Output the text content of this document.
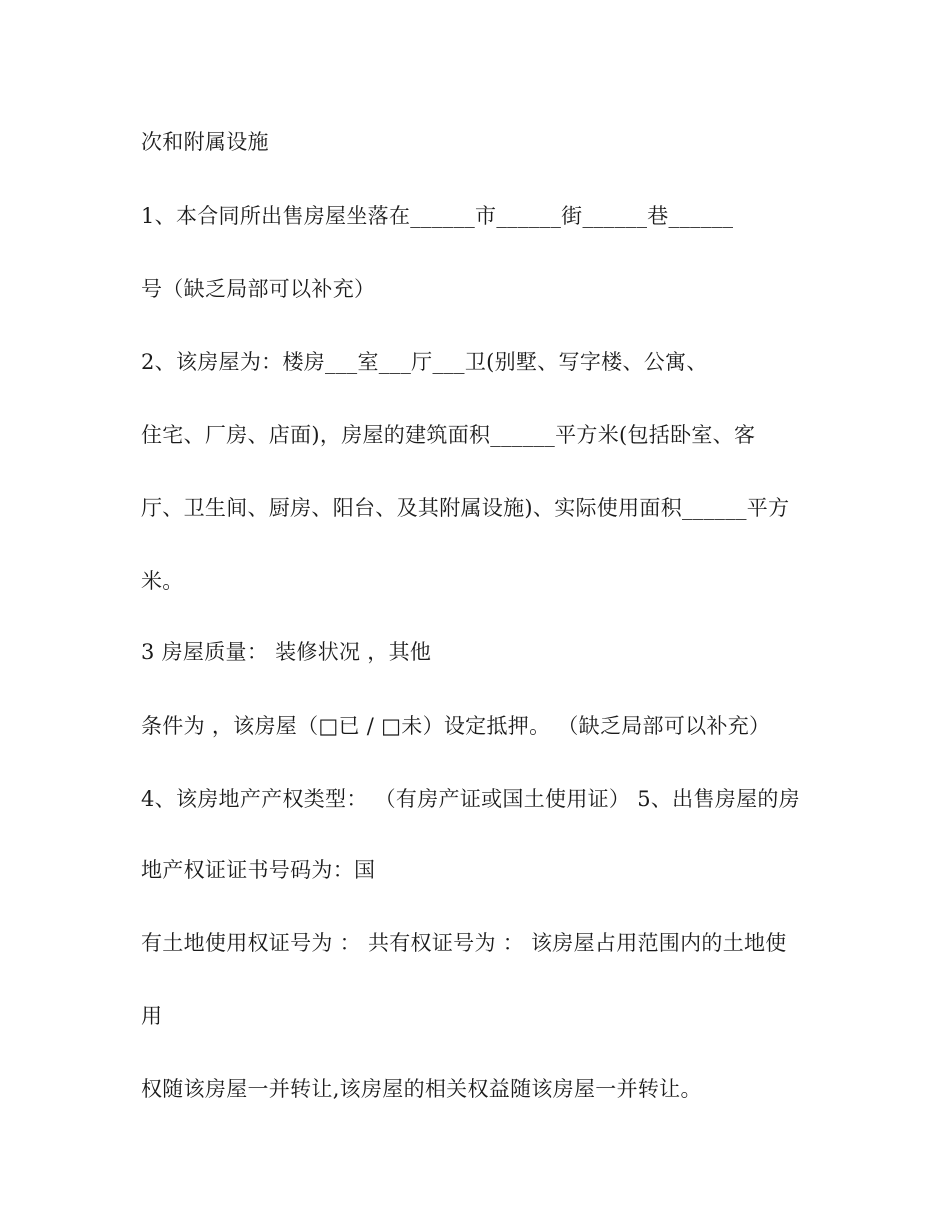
次和附属设施
1、本合同所出售房屋坐落在______市______街______巷______
号（缺乏局部可以补充）
2、该房屋为：楼房___室___厅___卫(别墅、写字楼、公寓、
住宅、厂房、店面)，房屋的建筑面积______平方米(包括卧室、客
厅、卫生间、厨房、阳台、及其附属设施)、实际使用面积______平方
米。
3 房屋质量： 装修状况 ，其他
条件为 ，该房屋（□已 / □未）设定抵押。 （缺乏局部可以补充）
4、该房地产产权类型： （有房产证或国土使用证） 5、出售房屋的房
地产权证证书号码为：国
有土地使用权证号为 ： 共有权证号为 ： 该房屋占用范围内的土地使
用
权随该房屋一并转让,该房屋的相关权益随该房屋一并转让。
